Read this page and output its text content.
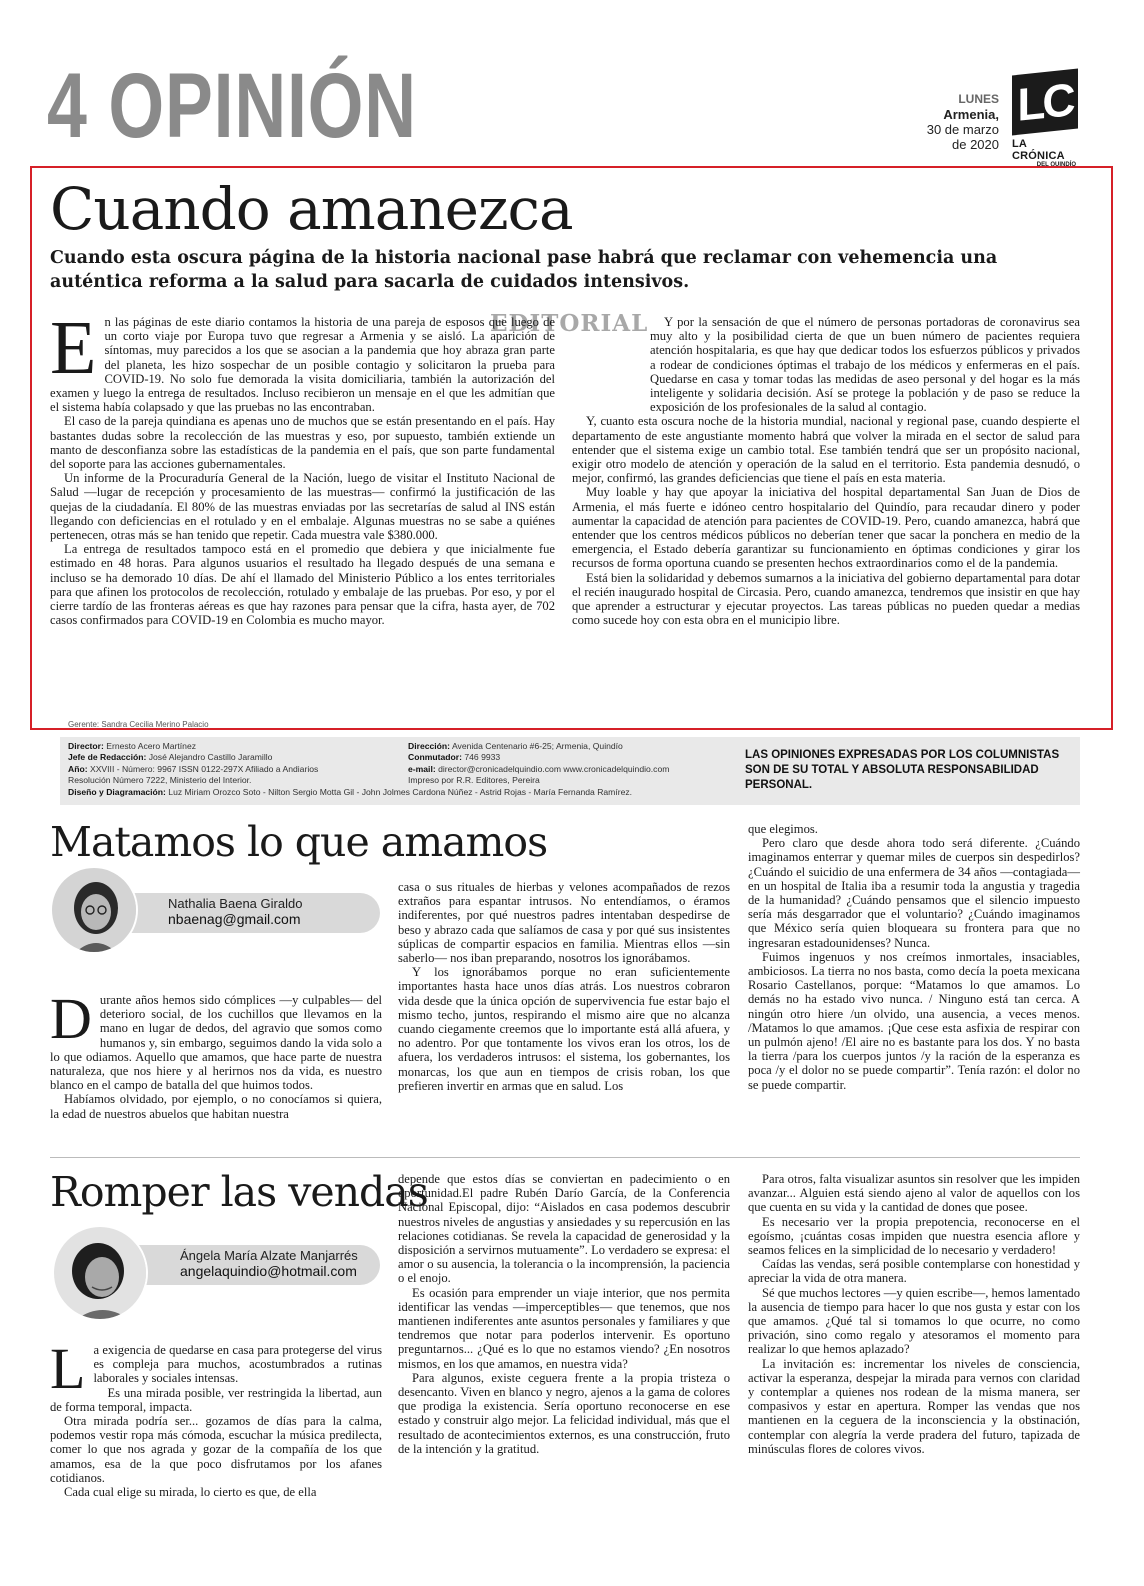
4 OPINIÓN	LUNES
Armenia,
30 de marzo
de 2020
LC
LA CRÓNICA
DEL QUINDÍO
Cuando amanezca
Cuando esta oscura página de la historia nacional pase habrá que reclamar con vehemencia una auténtica reforma a la salud para sacarla de cuidados intensivos.
EDITORIAL

En las páginas de este diario contamos la historia de una pareja de esposos que luego de un corto viaje por Europa tuvo que regresar a Armenia y se aisló. La aparición de síntomas, muy parecidos a los que se asocian a la pandemia que hoy abraza gran parte del planeta, les hizo sospechar de un posible contagio y solicitaron la prueba para COVID-19. No solo fue demorada la visita domiciliaria, también la autorización del examen y luego la entrega de resultados. Incluso recibieron un mensaje en el que les admitían que el sistema había colapsado y que las pruebas no las encontraban.

El caso de la pareja quindiana es apenas uno de muchos que se están presentando en el país. Hay bastantes dudas sobre la recolección de las muestras y eso, por supuesto, también extiende un manto de desconfianza sobre las estadísticas de la pandemia en el país, que son parte fundamental del soporte para las acciones gubernamentales.

Un informe de la Procuraduría General de la Nación, luego de visitar el Instituto Nacional de Salud —lugar de recepción y procesamiento de las muestras— confirmó la justificación de las quejas de la ciudadanía. El 80% de las muestras enviadas por las secretarías de salud al INS están llegando con deficiencias en el rotulado y en el embalaje. Algunas muestras no se sabe a quiénes pertenecen, otras más se han tenido que repetir. Cada muestra vale $380.000.

La entrega de resultados tampoco está en el promedio que debiera y que inicialmente fue estimado en 48 horas. Para algunos usuarios el resultado ha llegado después de una semana e incluso se ha demorado 10 días. De ahí el llamado del Ministerio Público a los entes territoriales para que afinen los protocolos de recolección, rotulado y embalaje de las pruebas. Por eso, y por el cierre tardío de las fronteras aéreas es que hay razones para pensar que la cifra, hasta ayer, de 702 casos confirmados para COVID-19 en Colombia es mucho mayor.

Y por la sensación de que el número de personas portadoras de coronavirus sea muy alto y la posibilidad cierta de que un buen número de pacientes requiera atención hospitalaria, es que hay que dedicar todos los esfuerzos públicos y privados a rodear de condiciones óptimas el trabajo de los médicos y enfermeras en el país. Quedarse en casa y tomar todas las medidas de aseo personal y del hogar es la más inteligente y solidaria decisión. Así se protege la población y de paso se reduce la exposición de los profesionales de la salud al contagio.

Y, cuanto esta oscura noche de la historia mundial, nacional y regional pase, cuando despierte el departamento de este angustiante momento habrá que volver la mirada en el sector de salud para entender que el sistema exige un cambio total. Ese también tendrá que ser un propósito nacional, exigir otro modelo de atención y operación de la salud en el territorio. Esta pandemia desnudó, o mejor, confirmó, las grandes deficiencias que tiene el país en esta materia.

Muy loable y hay que apoyar la iniciativa del hospital departamental San Juan de Dios de Armenia, el más fuerte e idóneo centro hospitalario del Quindío, para recaudar dinero y poder aumentar la capacidad de atención para pacientes de COVID-19. Pero, cuando amanezca, habrá que entender que los centros médicos públicos no deberían tener que sacar la ponchera en medio de la emergencia, el Estado debería garantizar su funcionamiento en óptimas condiciones y girar los recursos de forma oportuna cuando se presenten hechos extraordinarios como el de la pandemia.

Está bien la solidaridad y debemos sumarnos a la iniciativa del gobierno departamental para dotar el recién inaugurado hospital de Circasia. Pero, cuando amanezca, tendremos que insistir en que hay que aprender a estructurar y ejecutar proyectos. Las tareas públicas no pueden quedar a medias como sucede hoy con esta obra en el municipio libre.

Gerente: Sandra Cecilia Merino Palacio
Director: Ernesto Acero Martínez
Jefe de Redacción: José Alejandro Castillo Jaramillo
Año: XXVIII - Número: 9967 ISSN 0122-297X Afiliado a Andiarios
Resolución Número 7222, Ministerio del Interior.
Dirección: Avenida Centenario #6-25; Armenia, Quindío
Conmutador: 746 9933
e-mail: director@cronicadelquindio.com www.cronicadelquindio.com
Impreso por R.R. Editores, Pereira
Diseño y Diagramación: Luz Miriam Orozco Soto - Nilton Sergio Motta Gil - John Jolmes Cardona Núñez - Astrid Rojas - María Fernanda Ramírez.
LAS OPINIONES EXPRESADAS POR LOS COLUMNISTAS SON DE SU TOTAL Y ABSOLUTA RESPONSABILIDAD PERSONAL.
Matamos lo que amamos
Nathalia Baena Giraldo
nbaenag@gmail.com

Durante años hemos sido cómplices —y culpables— del deterioro social, de los cuchillos que llevamos en la mano en lugar de dedos, del agravio que somos como humanos y, sin embargo, seguimos dando la vida solo a lo que odiamos. Aquello que amamos, que hace parte de nuestra naturaleza, que nos hiere y al herirnos nos da vida, es nuestro blanco en el campo de batalla del que huimos todos.

Habíamos olvidado, por ejemplo, o no conocíamos si quiera, la edad de nuestros abuelos que habitan nuestra

casa o sus rituales de hierbas y velones acompañados de rezos extraños para espantar intrusos. No entendíamos, o éramos indiferentes, por qué nuestros padres intentaban despedirse de beso y abrazo cada que salíamos de casa y por qué sus insistentes súplicas de compartir espacios en familia. Mientras ellos —sin saberlo— nos iban preparando, nosotros los ignorábamos.

Y los ignorábamos porque no eran suficientemente importantes hasta hace unos días atrás. Los nuestros cobraron vida desde que la única opción de supervivencia fue estar bajo el mismo techo, juntos, respirando el mismo aire que no alcanza cuando ciegamente creemos que lo importante está allá afuera, y no adentro. Por que tontamente los vivos eran los otros, los de afuera, los verdaderos intrusos: el sistema, los gobernantes, los monarcas, los que aun en tiempos de crisis roban, los que prefieren invertir en armas que en salud. Los

que elegimos.

Pero claro que desde ahora todo será diferente. ¿Cuándo imaginamos enterrar y quemar miles de cuerpos sin despedirlos? ¿Cuándo el suicidio de una enfermera de 34 años —contagiada— en un hospital de Italia iba a resumir toda la angustia y tragedia de la humanidad? ¿Cuándo pensamos que el silencio impuesto sería más desgarrador que el voluntario? ¿Cuándo imaginamos que México sería quien bloqueara su frontera para que no ingresaran estadounidenses? Nunca.

Fuimos ingenuos y nos creímos inmortales, insaciables, ambiciosos. La tierra no nos basta, como decía la poeta mexicana Rosario Castellanos, porque: “Matamos lo que amamos. Lo demás no ha estado vivo nunca. / Ninguno está tan cerca. A ningún otro hiere /un olvido, una ausencia, a veces menos. /Matamos lo que amamos. ¡Que cese esta asfixia de respirar con un pulmón ajeno! /El aire no es bastante para los dos. Y no basta la tierra /para los cuerpos juntos /y la ración de la esperanza es poca /y el dolor no se puede compartir”. Tenía razón: el dolor no se puede compartir.

Romper las vendas
Ángela María Alzate Manjarrés
angelaquindio@hotmail.com

La exigencia de quedarse en casa para protegerse del virus es compleja para muchos, acostumbrados a rutinas laborales y sociales intensas.

Es una mirada posible, ver restringida la libertad, aun de forma temporal, impacta.

Otra mirada podría ser... gozamos de días para la calma, podemos vestir ropa más cómoda, escuchar la música predilecta, comer lo que nos agrada y gozar de la compañía de los que amamos, esa de la que poco disfrutamos por los afanes cotidianos.

Cada cual elige su mirada, lo cierto es que, de ella

depende que estos días se conviertan en padecimiento o en oportunidad.El padre Rubén Darío García, de la Conferencia Nacional Episcopal, dijo: “Aislados en casa podemos descubrir nuestros niveles de angustias y ansiedades y su repercusión en las relaciones cotidianas. Se revela la capacidad de generosidad y la disposición a servirnos mutuamente”. Lo verdadero se expresa: el amor o su ausencia, la tolerancia o la incomprensión, la paciencia o el enojo.

Es ocasión para emprender un viaje interior, que nos permita identificar las vendas —imperceptibles— que tenemos, que nos mantienen indiferentes ante asuntos personales y familiares y que tendremos que notar para poderlos intervenir. Es oportuno preguntarnos... ¿Qué es lo que no estamos viendo? ¿En nosotros mismos, en los que amamos, en nuestra vida?

Para algunos, existe ceguera frente a la propia tristeza o desencanto. Viven en blanco y negro, ajenos a la gama de colores que prodiga la existencia. Sería oportuno reconocerse en ese estado y construir algo mejor. La felicidad individual, más que el resultado de acontecimientos externos, es una construcción, fruto de la intención y la gratitud.

Para otros, falta visualizar asuntos sin resolver que les impiden avanzar... Alguien está siendo ajeno al valor de aquellos con los que cuenta en su vida y la cantidad de dones que posee.

Es necesario ver la propia prepotencia, reconocerse en el egoísmo, ¡cuántas cosas impiden que nuestra esencia aflore y seamos felices en la simplicidad de lo necesario y verdadero!

Caídas las vendas, será posible contemplarse con honestidad y apreciar la vida de otra manera.

Sé que muchos lectores —y quien escribe—, hemos lamentado la ausencia de tiempo para hacer lo que nos gusta y estar con los que amamos. ¿Qué tal si tomamos lo que ocurre, no como privación, sino como regalo y atesoramos el momento para realizar lo que hemos aplazado?

La invitación es: incrementar los niveles de consciencia, activar la esperanza, despejar la mirada para vernos con claridad y contemplar a quienes nos rodean de la misma manera, ser compasivos y estar en apertura. Romper las vendas que nos mantienen en la ceguera de la inconsciencia y la obstinación, contemplar con alegría la verde pradera del futuro, tapizada de minúsculas flores de colores vivos.
